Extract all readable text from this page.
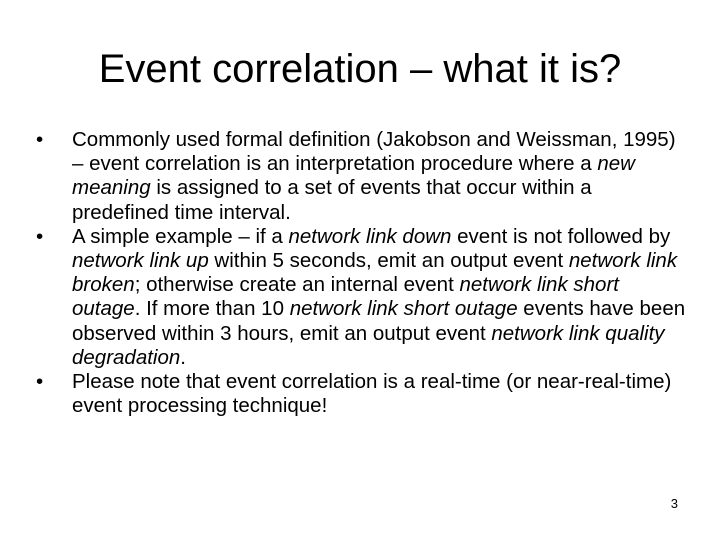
Event correlation – what it is?
•	Commonly used formal definition (Jakobson and Weissman, 1995) – event correlation is an interpretation procedure where a new meaning is assigned to a set of events that occur within a predefined time interval.
•	A simple example – if a network link down event is not followed by network link up within 5 seconds, emit an output event network link broken; otherwise create an internal event network link short outage. If more than 10 network link short outage events have been observed within 3 hours, emit an output event network link quality degradation.
•	Please note that event correlation is a real-time (or near-real-time) event processing technique!
3
